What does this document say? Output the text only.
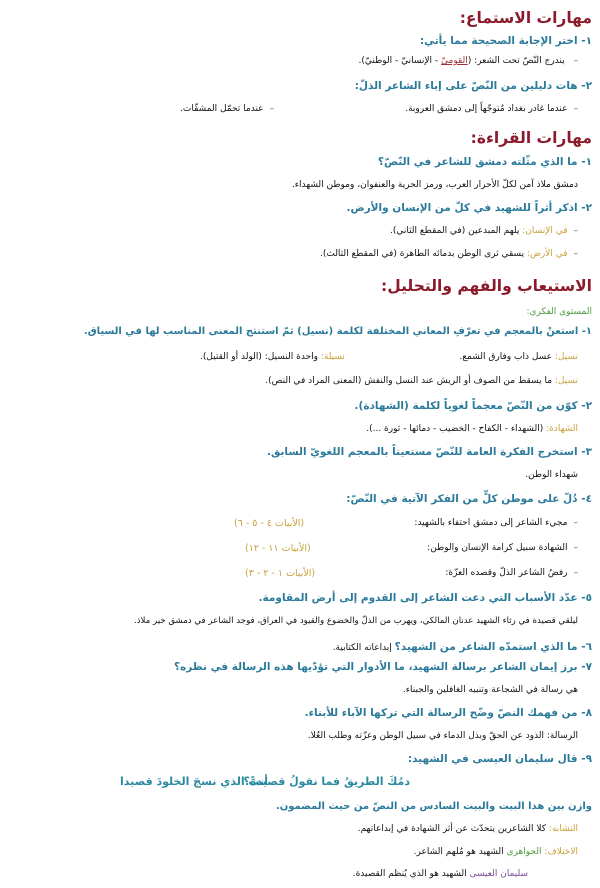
مهارات الاستماع:
١- اختر الإجابة الصحيحة مما يأتي:
– يندرج النّصّ تحت الشعر: (القوميّ - الإنسانيّ - الوطنيّ).
٢- هات دليلين من النّصّ على إباء الشاعر الذلّ:
–عندما غادر بغداد مُتوجّهاً إلى دمشق العروبة.
–عندما تحمّل المشقّات.
مهارات القراءة:
١- ما الذي مثّلته دمشق للشاعر في النّصّ؟
دمشق ملاذ آمن لكلّ الأحرار العرب، ورمز الحرية والعنفوان، وموطن الشهداء.
٢- اذكر أثراً للشهيد في كلّ من الإنسان والأرض.
–في الإنسان: يلهم المبدعين (في المقطع الثاني).
–في الأرض: يسقي ثرى الوطن بدمائه الطاهرة (في المقطع الثالث).
الاستيعاب والفهم والتحليل:
المستوى الفكري:
١- استعنْ بالمعجم في تعرّفِ المعاني المختلفة لكلمة (نسيل) ثمّ استنتج المعنى المناسب لها في السياق.
نسيل: عسل ذاب وفارق الشمع.
نسيلة: واحدة النسيل: (الولد أو القتيل).
نسيل: ما يسقط من الصوف أو الريش عند النسل والنفش (المعنى المراد في النص).
٢- كوّن من النّصّ معجماً لغوياً لكلمة (الشهادة).
الشهادة: (الشهداء - الكفاح - الخضيب - دمائها - ثورة ...).
٣- استخرج الفكرة العامة للنّصّ مستعيناً بالمعجم اللغويّ السابق.
شهداء الوطن.
٤- دُلّ على موطن كلٍّ من الفكر الآتية في النّصّ:
–مجيء الشاعر إلى دمشق احتفاء بالشهيد:
(الأبيات ٤ - ٥ - ٦)
–الشهادة سبيل كرامة الإنسان والوطن:
(الأبيات ١١ - ١٢)
–رفضُ الشاعر الذلّ وقصده العزّة:
(الأبيات ١ - ٢ - ٣)
٥- عدّد الأسباب التي دعت الشاعر إلى القدوم إلى أرض المقاومة.
ليلقي قصيدة في رثاء الشهيد عدنان المالكي، ويهرب من الذلّ والخضوع والقيود في العراق، فوجد الشاعر في دمشق خير ملاذ.
٦- ما الذي استمدّه الشاعر من الشهيد؟ إبداعاته الكتابية.
٧- برز إيمان الشاعر برسالة الشهيد، ما الأدوار التي تؤدّيها هذه الرسالة في نظره؟
هي رسالة في الشجاعة وتنبيه الغافلين والجبناء.
٨- من فهمك النصّ وضّح الرسالة التي تركها الآباء للأبناء.
الرسالة: الذود عن الحقّ وبذل الدماء في سبيل الوطن وعزّته وطلب العُلا.
٩- قال سليمان العيسى في الشهيد:
دمُكَ الطريقُ فما نقولُ قصيدةً؟
أنتَ الذي نسجَ الخلودَ قصيدا
وازن بين هذا البيت والبيت السادس من النصّ من حيث المضمون.
التشابه: كلا الشاعرين يتحدّث عن أثر الشهادة في إبداعاتهم.
الاختلاف: الجواهري الشهيد هو مُلهم الشاعر.
سليمان العيسى الشهيد هو الذي يُنظم القصيدة.
